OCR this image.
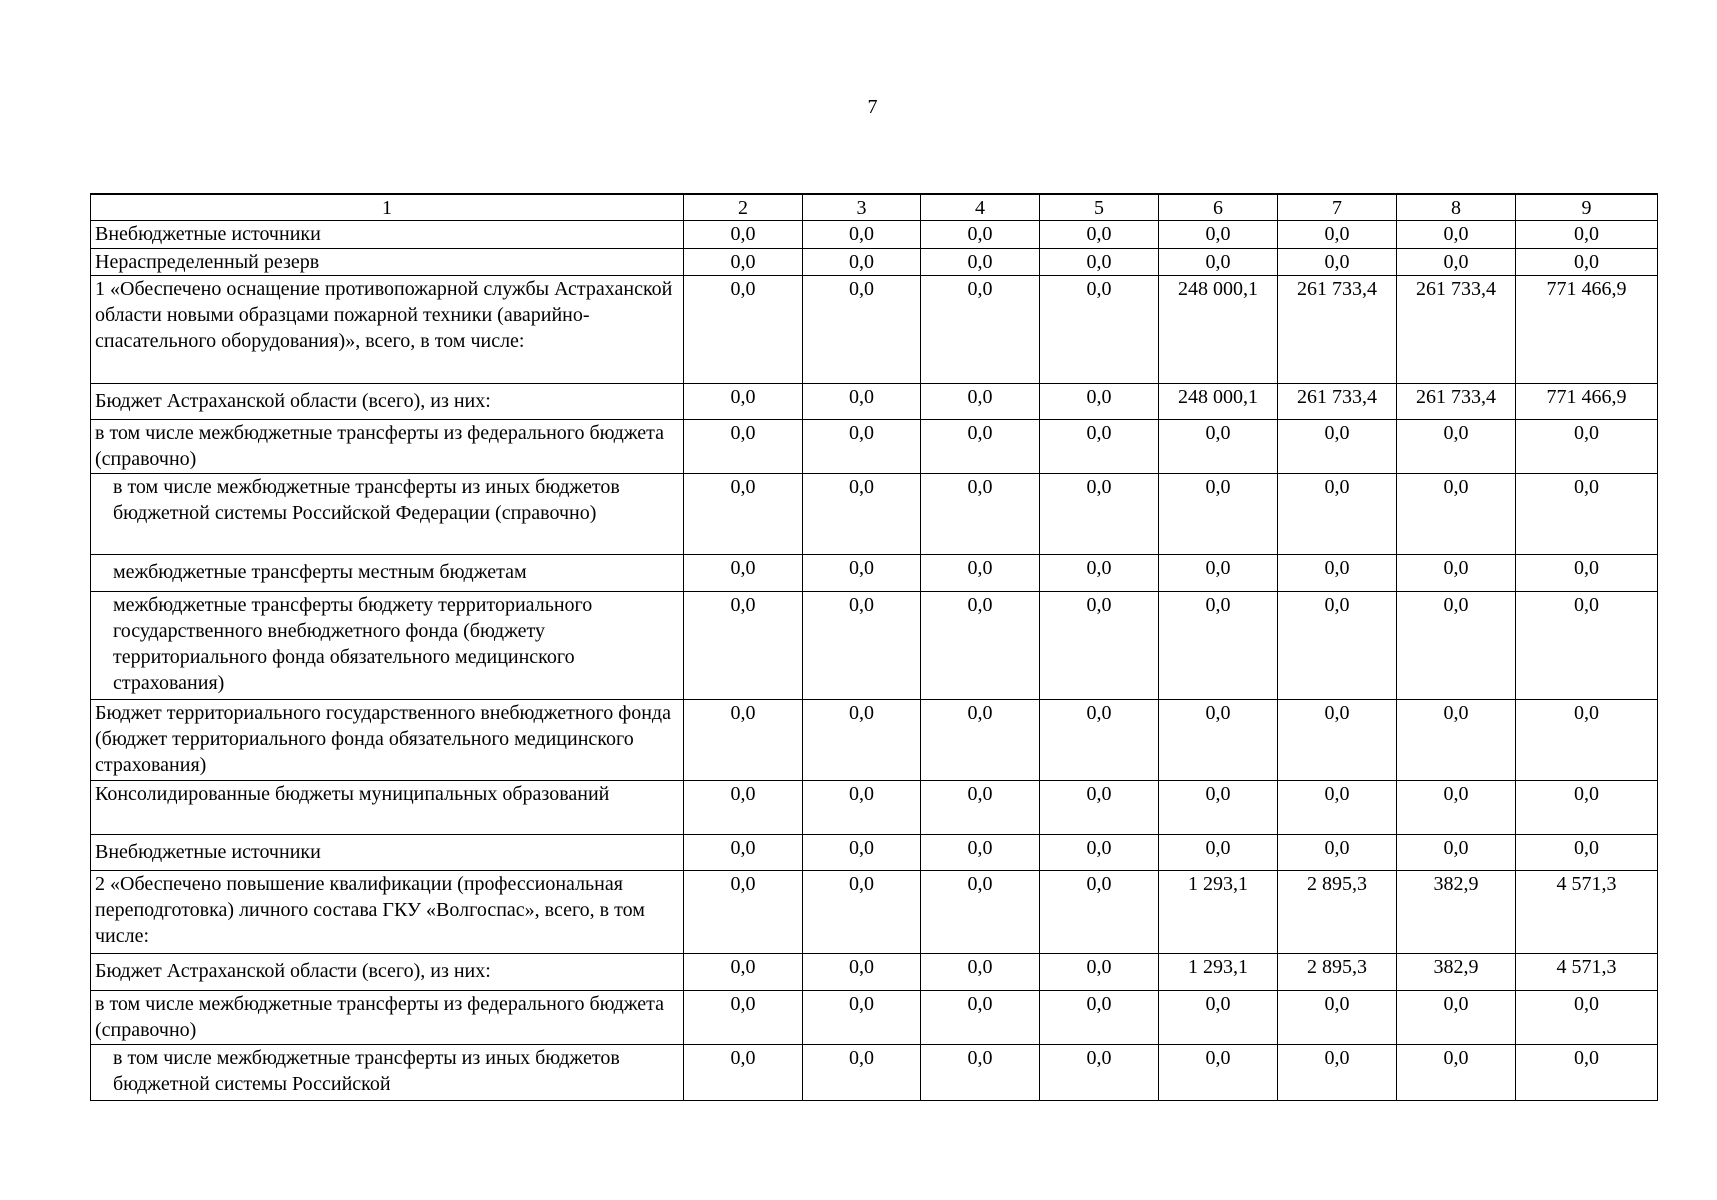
7
1	2	3	4	5	6	7	8	9
Внебюджетные источники	0,0	0,0	0,0	0,0	0,0	0,0	0,0	0,0
Нераспределенный резерв	0,0	0,0	0,0	0,0	0,0	0,0	0,0	0,0
1 «Обеспечено оснащение противопожарной службы Астраханской области новыми образцами пожарной техники (аварийно-спасательного оборудования)», всего, в том числе:	0,0	0,0	0,0	0,0	248 000,1	261 733,4	261 733,4	771 466,9
Бюджет Астраханской области (всего), из них:	0,0	0,0	0,0	0,0	248 000,1	261 733,4	261 733,4	771 466,9
в том числе межбюджетные трансферты из федерального бюджета (справочно)	0,0	0,0	0,0	0,0	0,0	0,0	0,0	0,0
в том числе межбюджетные трансферты из иных бюджетов бюджетной системы Российской Федерации (справочно)	0,0	0,0	0,0	0,0	0,0	0,0	0,0	0,0
межбюджетные трансферты местным бюджетам	0,0	0,0	0,0	0,0	0,0	0,0	0,0	0,0
межбюджетные трансферты бюджету территориального государственного внебюджетного фонда (бюджету территориального фонда обязательного медицинского страхования)	0,0	0,0	0,0	0,0	0,0	0,0	0,0	0,0
Бюджет территориального государственного внебюджетного фонда (бюджет территориального фонда обязательного медицинского страхования)	0,0	0,0	0,0	0,0	0,0	0,0	0,0	0,0
Консолидированные бюджеты муниципальных образований	0,0	0,0	0,0	0,0	0,0	0,0	0,0	0,0
Внебюджетные источники	0,0	0,0	0,0	0,0	0,0	0,0	0,0	0,0
2 «Обеспечено повышение квалификации (профессиональная переподготовка) личного состава ГКУ «Волгоспас», всего, в том числе:	0,0	0,0	0,0	0,0	1 293,1	2 895,3	382,9	4 571,3
Бюджет Астраханской области (всего), из них:	0,0	0,0	0,0	0,0	1 293,1	2 895,3	382,9	4 571,3
в том числе межбюджетные трансферты из федерального бюджета (справочно)	0,0	0,0	0,0	0,0	0,0	0,0	0,0	0,0
в том числе межбюджетные трансферты из иных бюджетов бюджетной системы Российской	0,0	0,0	0,0	0,0	0,0	0,0	0,0	0,0
